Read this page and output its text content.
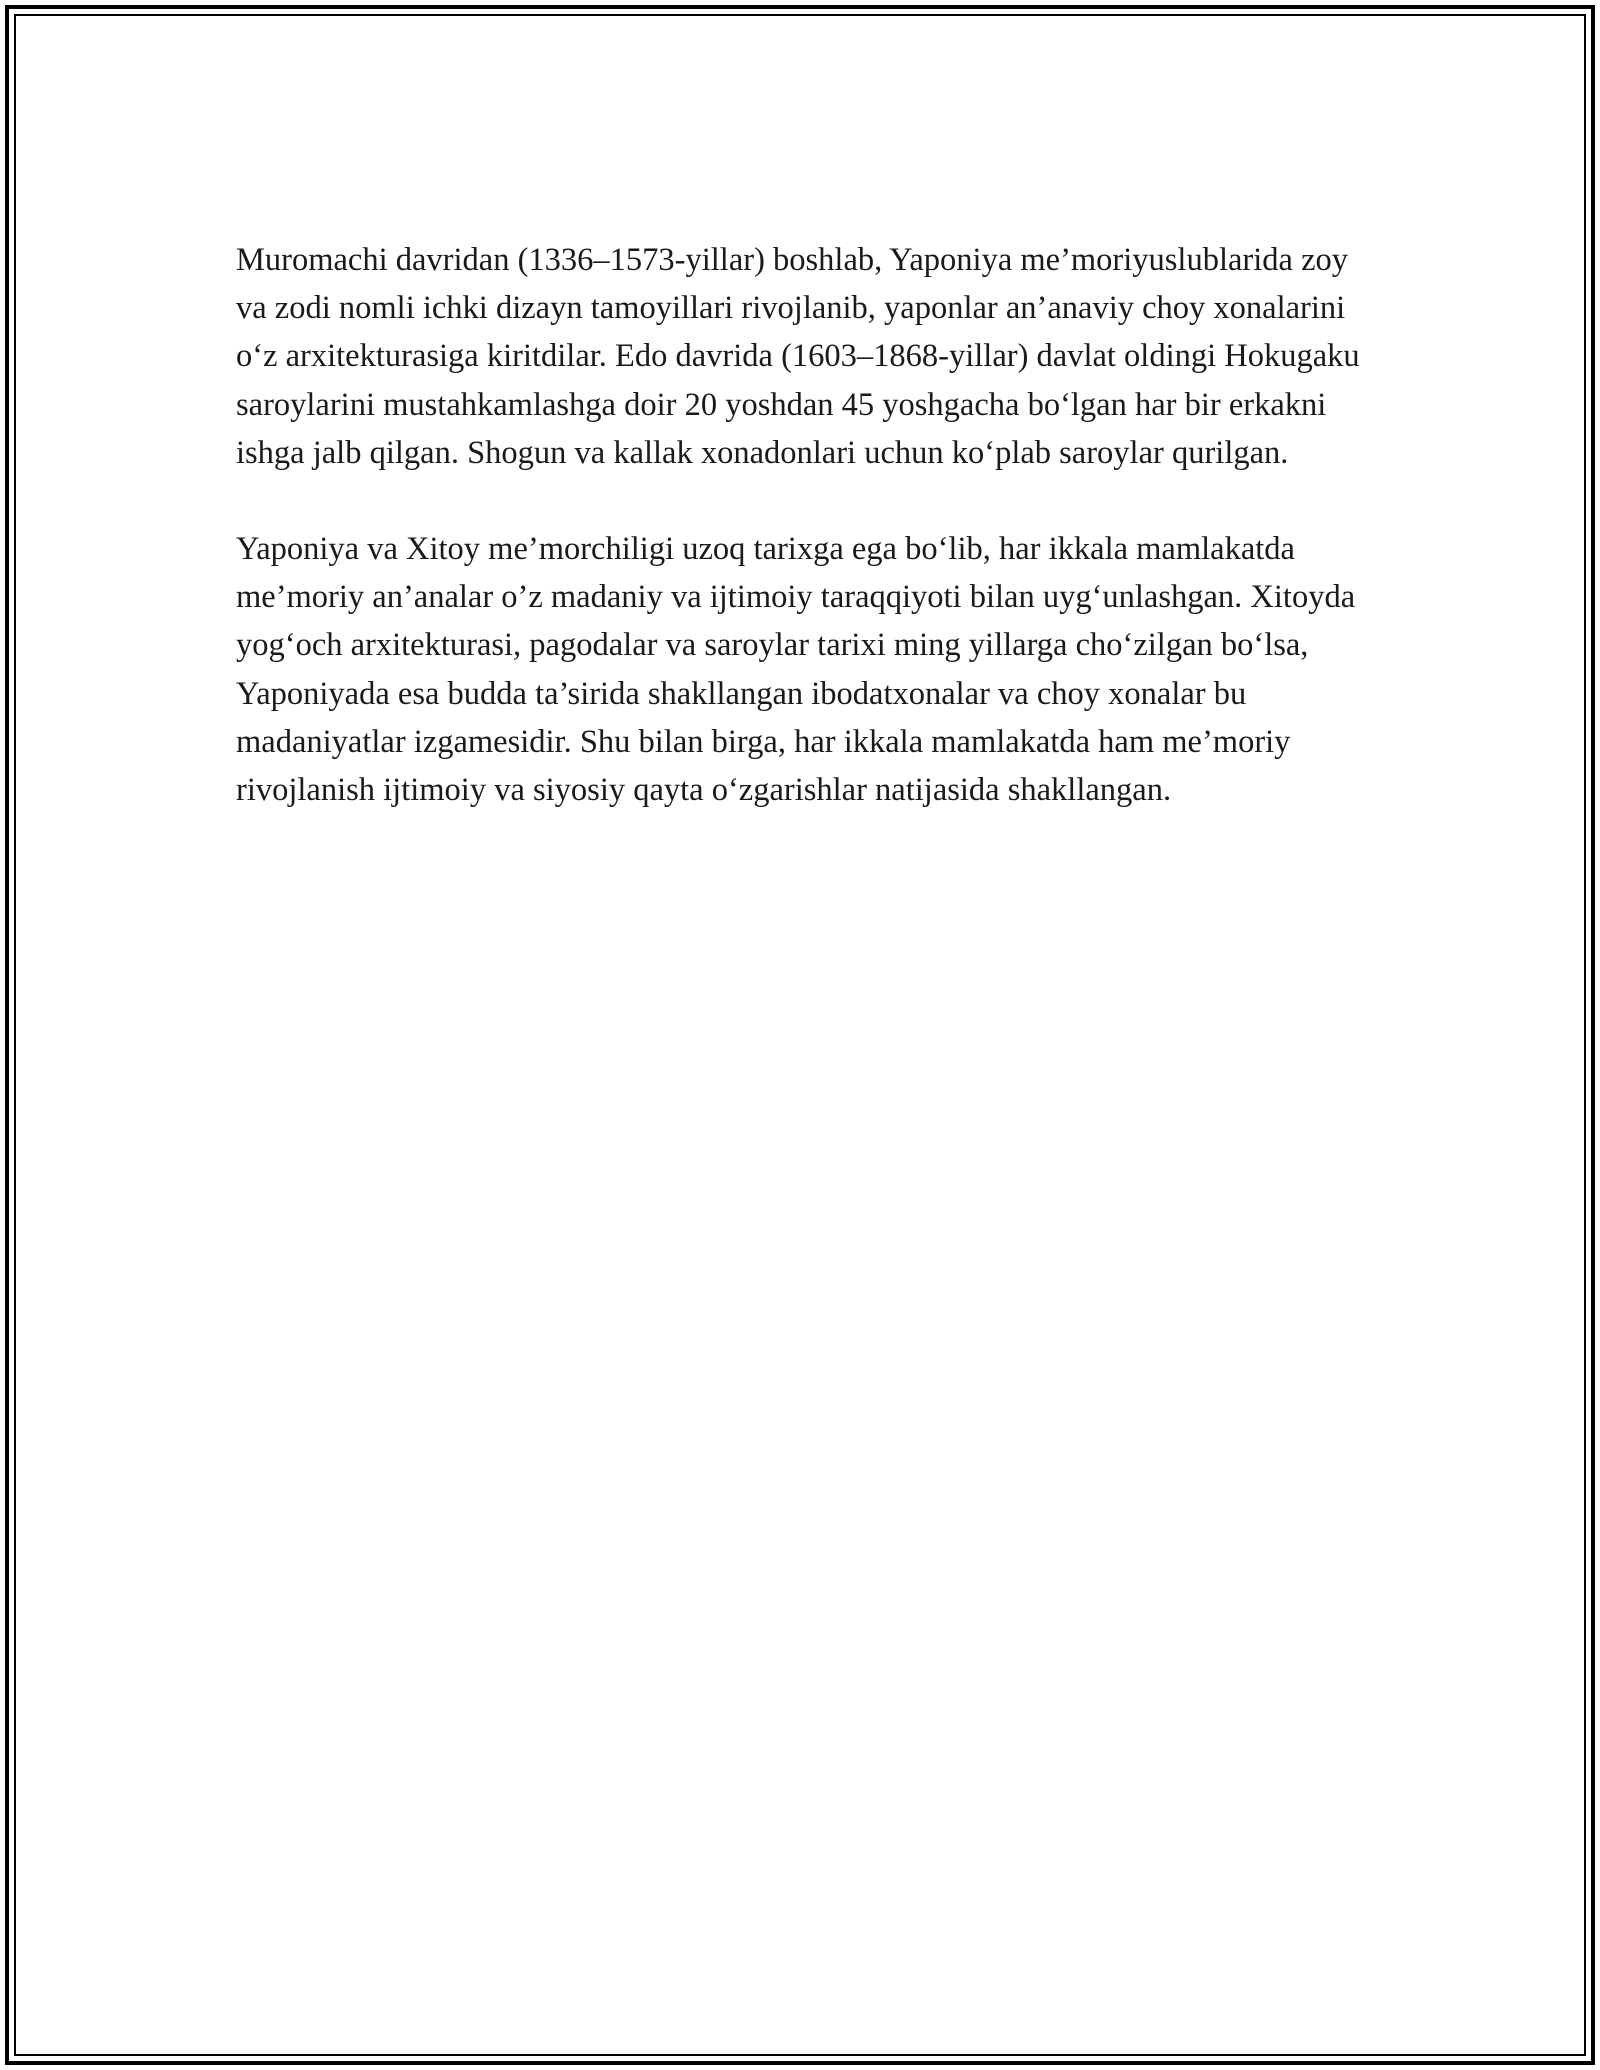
Muromachi davridan (1336–1573-yillar) boshlab, Yaponiya me’moriyuslublarida zoy va zodi nomli ichki dizayn tamoyillari rivojlanib, yaponlar an’anaviy choy xonalarini o‘z arxitekturasiga kiritdilar. Edo davrida (1603–1868-yillar) davlat oldingi Hokugaku saroylarini mustahkamlashga doir 20 yoshdan 45 yoshgacha bo‘lgan har bir erkakni ishga jalb qilgan. Shogun va kallak xonadonlari uchun ko‘plab saroylar qurilgan.

Yaponiya va Xitoy me’morchiligi uzoq tarixga ega bo‘lib, har ikkala mamlakatda me’moriy an’analar o’z madaniy va ijtimoiy taraqqiyoti bilan uyg‘unlashgan. Xitoyda yog‘och arxitekturasi, pagodalar va saroylar tarixi ming yillarga cho‘zilgan bo‘lsa, Yaponiyada esa budda ta’sirida shakllangan ibodatxonalar va choy xonalar bu madaniyatlar izgamesidir. Shu bilan birga, har ikkala mamlakatda ham me’moriy rivojlanish ijtimoiy va siyosiy qayta o‘zgarishlar natijasida shakllangan.
